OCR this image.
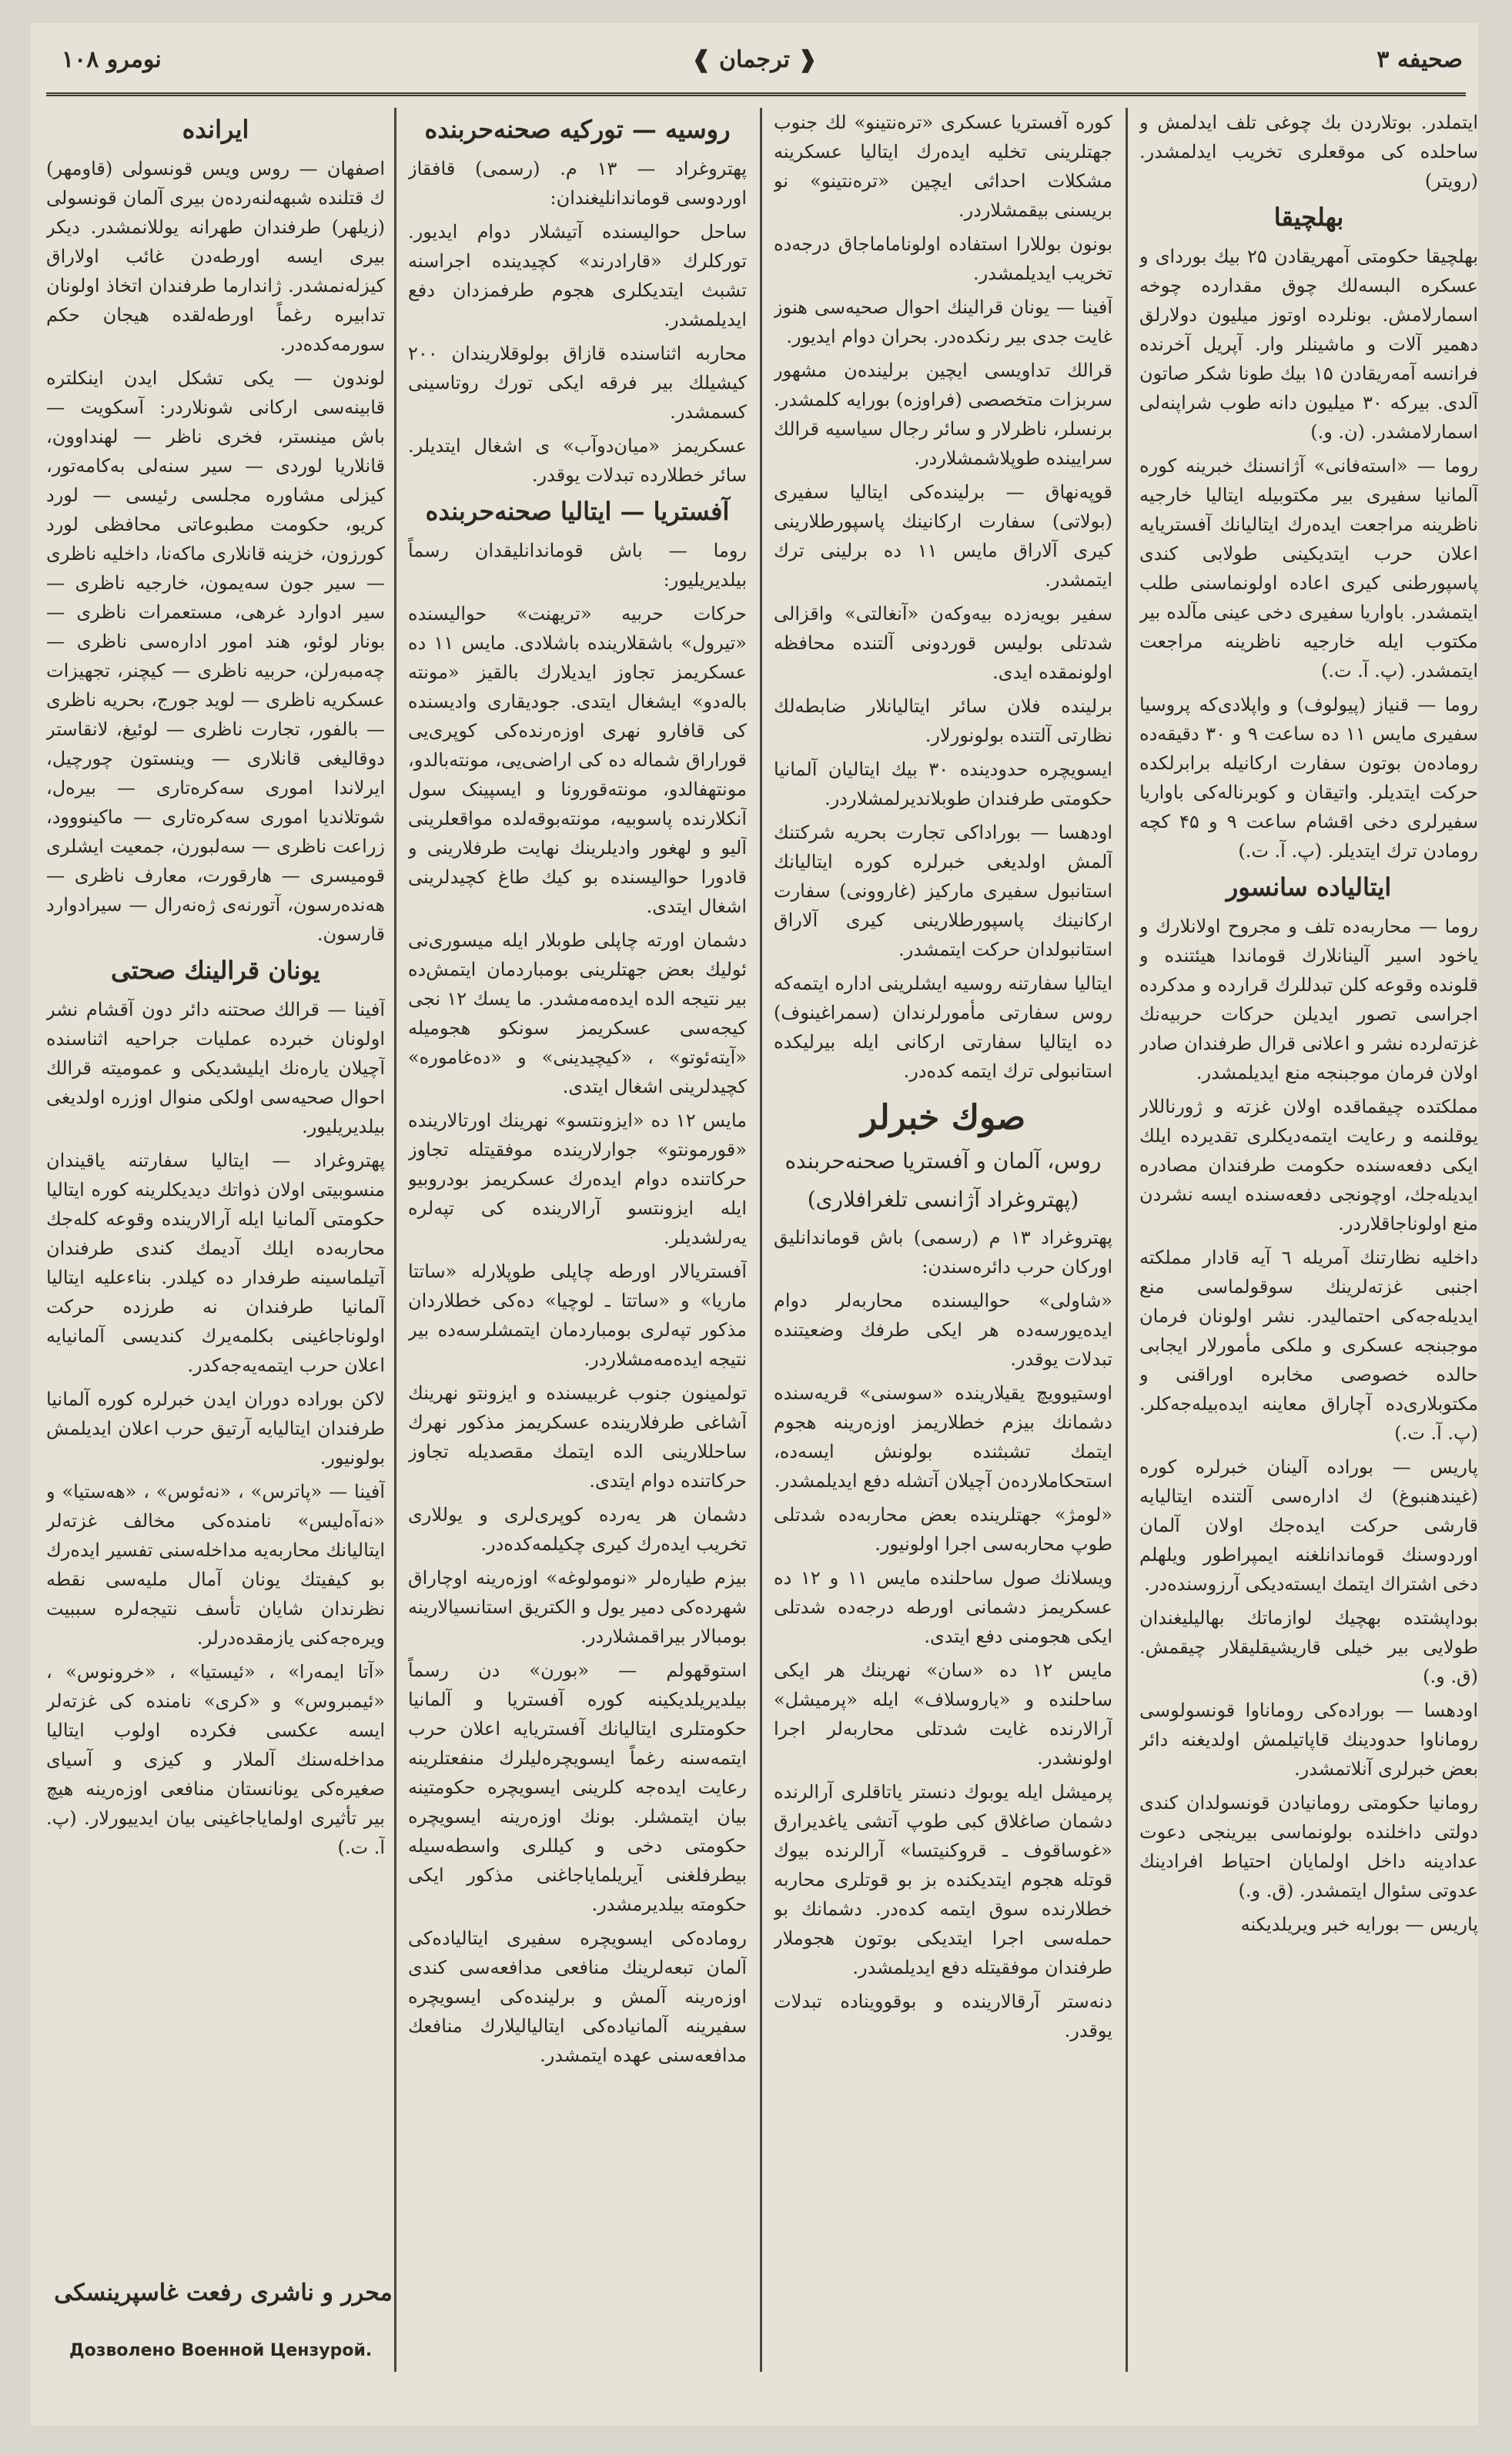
صحیفه ۳
❰ ترجمان ❱
نومرو ١٠٨
ایتملدر. بوتلاردن بك چوغی تلف ایدلمش و ساحلده کی موقعلری تخریب ایدلمشدر. (رویتر)
بهلچیقا
بهلچیقا حکومتی آمهریقادن ۲۵ بیك بوردای و عسکره البسه‌لك چوق مقدارده چوخه اسمارلامش. بونلرده اوتوز میلیون دولارلق دهمیر آلات و ماشینلر وار. آپریل آخرنده فرانسه آمه‌ریقادن ۱۵ بیك طونا شکر صاتون آلدی. بیرکه ۳۰ میلیون دانه طوب شراپنه‌لی اسمارلامشدر. (ن. و.)
روما — «استه‌فانی» آژانسنك خبرینه کوره آلمانیا سفیری بیر مکتوبیله ایتالیا خارجیه ناظرینه مراجعت ایده‌رك ایتالیانك آفستریایه اعلان حرب ایتدیکینی طولابی کندی پاسپورطنی کیری اعاده اولونماسنی طلب ایتمشدر. باواریا سفیری دخی عینی مآلده بیر مکتوب ایله خارجیه ناظرینه مراجعت ایتمشدر. (پ. آ. ت.)
روما — قنیاز (پیولوف) و واپلادی‌که پروسیا سفیری مایس ۱۱ ده ساعت ۹ و ۳۰ دقیقه‌ده روماده‌ن بوتون سفارت ارکانیله برابرلکده حرکت ایتدیلر. واتیقان و کوبرناله‌کی باواریا سفیرلری دخی اقشام ساعت ۹ و ۴۵ کچه رومادن ترك ایتدیلر. (پ. آ. ت.)
ایتالیاده سانسور
روما — محاربه‌ده تلف و مجروح اولانلارك و یاخود اسیر آلینانلارك قوماندا هیئتنده و قلونده وقوعه کلن تبدللرك قرارده و مدکرده اجراسی تصور ایدیلن حرکات حربیه‌نك غزته‌لرده نشر و اعلانی قرال طرفندان صادر اولان فرمان موجبنجه منع ایدیلمشدر.
مملکتده چیقماقده اولان غزته و ژورناللار یوقلنمه و رعایت ایتمه‌دیکلری تقدیرده ایلك ایکی دفعه‌سنده حکومت طرفندان مصادره ایدیله‌جك، اوچونجی دفعه‌سنده ایسه نشردن منع اولوناجاقلاردر.
داخلیه نظارتنك آمریله ٦ آیه قادار مملکته اجنبی غزته‌لرینك سوقولماسی منع ایدیله‌جه‌کی احتمالیدر. نشر اولونان فرمان موجبنجه عسکری و ملکی مأمورلار ایجابی حالده خصوصی مخابره اوراقنی و مکتوبلاری‌ده آچاراق معاینه ایده‌بیله‌جه‌کلر. (پ. آ. ت.)
پاریس — بوراده آلینان خبرلره کوره (غیندهنبوغ) ك اداره‌سی آلتنده ایتالیایه قارشی حرکت ایده‌جك اولان آلمان اوردوسنك قوماندانلغنه ایمپراطور ویلهلم دخی اشتراك ایتمك ایسته‌دیکی آرزوسنده‌در.
بوداپشتده بهچیك لوازماتك بهالیلیغندان طولایی بیر خیلی قاریشیقلیقلار چیقمش. (ق. و.)
اودهسا — بوراده‌کی روماناوا قونسولوسی روماناوا حدودینك قاپاتیلمش اولدیغنه دائر بعض خبرلری آنلاتمشدر.
رومانیا حکومتی رومانیادن قونسولدان کندی دولتی داخلنده بولونماسی بیرینجی دعوت عدادینه داخل اولمایان احتیاط افرادینك عدوتی سئوال ایتمشدر. (ق. و.)
پاریس — بورایه خبر ویریلدیکنه
کوره آفستریا عسکری «تره‌نتینو» لك جنوب جهتلرینی تخلیه ایده‌رك ایتالیا عسکرینه مشکلات احداثی ایچین «تره‌نتینو» نو بریسنی بیقمشلاردر.
بونون بوللارا استفاده اولوناماماجاق درجه‌ده تخریب ایدیلمشدر.
آفینا — یونان قرالینك احوال صحیه‌سی هنوز غایت جدی بیر رنکده‌در. بحران دوام ایدیور.
قرالك تداویسی ایچین برلینده‌ن مشهور سربزات متخصصی (فراوزه) بورایه کلمشدر. برنسلر، ناظرلار و سائر رجال سیاسیه قرالك سرایینده طوپلاشمشلاردر.
قوپه‌نهاق — برلینده‌کی ایتالیا سفیری (بولاتی) سفارت ارکانینك پاسپورطلارینی کیری آلاراق مایس ۱۱ ده برلینی ترك ایتمشدر.
سفیر بویه‌زده بیه‌وکه‌ن «آنغالتی» واقزالی شدتلی بولیس قوردونی آلتنده محافظه اولونمقده ایدی.
برلینده فلان سائر ایتالیانلار ضابطه‌لك نظارتی آلتنده بولونورلار.
ایسویچره حدودینده ۳۰ بیك ایتالیان آلمانیا حکومتی طرفندان طوبلاندیرلمشلاردر.
اودهسا — بورادا‌کی تجارت بحریه شرکتنك آلمش اولدیغی خبرلره کوره ایتالیانك استانبول سفیری مارکیز (غاروونی) سفارت ارکانینك پاسپورطلارینی کیری آلاراق استانبولدان حرکت ایتمشدر.
ایتالیا سفارتنه روسیه ایشلرینی اداره ایتمه‌که روس سفارتی مأمورلرندان (سمراغینوف) ده ایتالیا سفارتی ارکانی ایله بیرلیکده استانبولی ترك ایتمه کده‌در.
صوك خبرلر
روس، آلمان و آفستریا صحنه‌حربنده
(پهتروغراد آژانسی تلغرافلاری)
پهتروغراد ۱۳ م (رسمی) باش قوماندانلیق اورکان حرب دائره‌سندن:
«شاولی» حوالیسنده محاربه‌لر دوام ایده‌یورسه‌ده هر ایکی طرفك وضعیتنده تبدلات یوقدر.
اوستیوویچ یقیلارینده «سوسنی» قریه‌سنده دشمانك بیزم خطلاریمز اوزه‌رینه هجوم ایتمك تشبثنده بولونش ایسه‌ده، استحکاملارده‌ن آچیلان آتشله دفع ایدیلمشدر.
«لومژ» جهتلرینده بعض محاربه‌ده شدتلی طوپ محاربه‌سی اجرا اولونیور.
ویسلانك صول ساحلنده مایس ۱۱ و ۱۲ ده عسکریمز دشمانی اورطه درجه‌ده شدتلی ایکی هجومنی دفع ایتدی.
مایس ۱۲ ده «سان» نهرینك هر ایکی ساحلنده و «یاروسلاف» ایله «پرمیشل» آرالارنده غایت شدتلی محاربه‌لر اجرا اولونشدر.
پرمیشل ایله یوبوك دنستر یاتاقلری آرالرنده دشمان صاغلاق کبی طوپ آتشی یاغدیرارق «غوساقوف ـ قروکنیتسا» آرالرنده بیوك قوتله هجوم ایتدیکنده بز بو قوتلری محاربه خطلارنده سوق ایتمه کده‌در. دشمانك بو حمله‌سی اجرا ایتدیکی بوتون هجوملار طرفندان موفقیتله دفع ایدیلمشدر.
دنه‌ستر آرقالارینده و بوقوویناده تبدلات یوقدر.
روسیه — تورکیه صحنه‌حربنده
پهتروغراد — ۱۳ م. (رسمی) قافقاز اوردوسی قوماندانلیغندان:
ساحل حوالیسنده آتیشلار دوام ایدیور. تورکلرك «قارادرند» کچیدینده اجراسنه تشبث ایتدیکلری هجوم طرفمزدان دفع ایدیلمشدر.
محاربه اثناسنده قازاق بولوقلاریندان ۲۰۰ کیشیلك بیر فرقه ایکی تورك روتاسینی کسمشدر.
عسکریمز «میان‌دوآب» ی اشغال ایتدیلر. سائر خطلارده تبدلات یوقدر.
آفستریا — ایتالیا صحنه‌حربنده
روما — باش قوماندانلیقدان رسماً بیلدیریلیور:
حرکات حربیه «تریهنت» حوالیسنده «تیرول» باشقلارینده باشلادی. مایس ۱۱ ده عسکریمز تجاوز ایدیلارك بالقیز «مونته باله‌دو» ایشغال ایتدی. جودیقاری وادیسنده کی قافارو نهری اوزه‌رنده‌کی کوپری‌یی قوراراق شماله ده کی اراضی‌یی، مونته‌بالدو، مونتهفالدو، مونته‌قورونا و ایسپینک سول آنکلارنده پاسوبیه، مونته‌بوقه‌لده مواقعلرینی آلیو و لهغور وادیلرینك نهایت طرفلارینی و قادورا حوالیسنده بو کیك طاغ کچیدلرینی اشغال ایتدی.
دشمان اورته چاپلی طوبلار ایله میسوری‌نی ئولیك بعض جهتلرینی بومباردمان ایتمش‌ده بیر نتیجه الده ایده‌مه‌مشدر. ما‌ یسك ۱۲ نجی کیجه‌سی عسکریمز سونکو هجومیله «آیته‌ئوتو» ، «کیچیدینی» و «ده‌غاموره» کچیدلرینی اشغال ایتدی.
مایس ۱۲ ده «ایزونتسو» نهرینك اورتالارینده «قورمونتو» جوارلارینده موفقیتله تجاوز حرکاتنده دوام ایده‌رك عسکریمز بودروبیو ایله ایزونتسو آرالارینده کی تپه‌لره یه‌رلشدیلر.
آفستریالار اورطه چاپلی طوپلارله «ساتتا ماریا» و «ساتتا ـ لوچیا» ده‌کی خطلاردان مذکور تپه‌لری بومباردمان ایتمشلرسه‌ده بیر نتیجه ایده‌مه‌مشلاردر.
تولمینون جنوب غربیسنده و ایزونتو نهرینك آشاغی طرفلارینده عسکریمز مذکور نهرك ساحللارینی الده ایتمك مقصدیله تجاوز حرکاتنده دوام ایتدی.
دشمان هر یه‌رده کوپری‌لری و یوللاری تخریب ایده‌رك کیری چکیلمه‌کده‌در.
بیزم طیاره‌لر «نومولوغه» اوزه‌رینه اوچاراق شهرده‌کی دمیر یول و الکتریق استانسیالارینه بومبالار بیراقمشلاردر.
استوقهولم — «بورن» دن رسماً بیلدیریلدیکینه کوره آفستریا و آلمانیا حکومتلری ایتالیانك آفستریایه اعلان حرب ایتمه‌سنه رغماً ایسویچره‌لیلرك منفعتلرینه رعایت ایده‌جه کلرینی ایسویچره حکومتینه بیان ایتمشلر. بونك اوزه‌رینه ایسویچره حکومتی دخی و کیللری واسطه‌سیله بیطرفلغنی آیریلمایاجاغنی مذکور ایکی حکومته بیلدیرمشدر.
روماده‌کی ایسویچره سفیری ایتالیاده‌کی آلمان تبعه‌لرینك منافعی مدافعه‌سی کندی اوزه‌رینه آلمش و برلینده‌کی ایسویچره سفیرینه آلمانیاده‌کی ایتالیالیلارك منافعك مدافعه‌سنی عهده ایتمشدر.
ایرانده
اصفهان — روس ویس قونسولی (قاومهر) ك قتلنده شبهه‌لنه‌رده‌ن بیری آلمان قونسولی (زیلهر) طرفندان طهرانه یوللانمشدر. دیکر بیری ایسه اورطه‌دن غائب اولاراق کیزله‌نمشدر. ژاندارما طرفندان اتخاذ اولونان تدابیره رغماً اورطه‌لقده هیجان حکم سورمه‌کده‌در.
لوندون — یکی تشکل ایدن اینکلتره قابینه‌سی ارکانی شونلاردر: آسکویت — باش مینستر، فخری ناظر — لهنداوون، قانلاریا لوردی — سیر سنه‌لی به‌کامه‌تور، کیزلی مشاوره مجلسی رئیسی — لورد کریو، حکومت مطبوعاتی محافظی لورد کورزون، خزینه قانلاری ماکه‌نا، داخلیه ناظری — سیر جون سه‌یمون، خارجیه ناظری — سیر ادوارد غرهی، مستعمرات ناظری — بونار لوئو، هند امور اداره‌سی ناظری — چه‌مبه‌رلن، حربیه ناظری — کیچنر، تجهیزات عسکریه ناظری — لوید جورج، بحریه ناظری — بالفور، تجارت ناظری — لوئیغ، لانقاستر دوقالیغی قانلاری — وینستون چورچیل، ایرلاندا اموری سه‌کره‌تاری — بیره‌ل، شوتلاندیا اموری سه‌کره‌تاری — ماکینووود، زراعت ناظری — سه‌لبورن، جمعیت ایشلری قومیسری — هارقورت، معارف ناظری — هه‌نده‌رسون، آتورنه‌ی ژه‌نه‌رال — سیرادوارد قارسون.
یونان قرالینك صحتی
آفینا — قرالك صحتنه دائر دون آقشام نشر اولونان خبرده عملیات جراحیه اثناسنده آچیلان یاره‌نك ایلیشدیکی و عمومیته قرالك احوال صحیه‌سی اولکی منوال اوزره اولدیغی بیلدیریلیور.
پهتروغراد — ایتالیا سفارتنه یاقیندان منسوبیتی اولان ذواتك دیدیکلرینه کوره ایتالیا حکومتی آلمانیا ایله آرالارینده وقوعه کله‌جك محاربه‌ده ایلك آدیمك کندی طرفندان آتیلماسینه طرفدار ده کیلدر. بناءعلیه ایتالیا آلمانیا طرفندان نه طرزده حرکت اولوناجاغینی بکلمه‌یرك کندیسی آلمانیایه اعلان حرب ایتمه‌یه‌جه‌کدر.
لاکن بوراده دوران ایدن خبرلره کوره آلمانیا طرفندان ایتالیایه آرتیق حرب اعلان ایدیلمش بولونیور.
آفینا — «پاترس» ، «نه‌ئوس» ، «هه‌ستیا» و «نه‌آه‌لیس» نامنده‌کی مخالف غزته‌لر ایتالیانك محاربه‌یه مداخله‌سنی تفسیر ایده‌رك بو کیفیتك یونان آمال ملیه‌سی نقطه‌ نظرندان شایان تأسف نتیجه‌لره سببیت ویره‌جه‌کنی یازمقده‌درلر.
«آتا ایمه‌را» ، «ئیستیا» ، «خرونوس» ، «ئیمبروس» و «کری» نامنده کی غزته‌لر ایسه عکسی فکرده اولوب ایتالیا مداخله‌سنك آلملار و کیزی و آسیای صغیره‌کی یونانستان منافعی اوزه‌رینه هیچ بیر تأثیری اولمایاجاغینی بیان ایدییورلار. (پ. آ. ت.)
محرر و ناشری رفعت غاسپرینسکی
Дозволено Военной Цензурой.
